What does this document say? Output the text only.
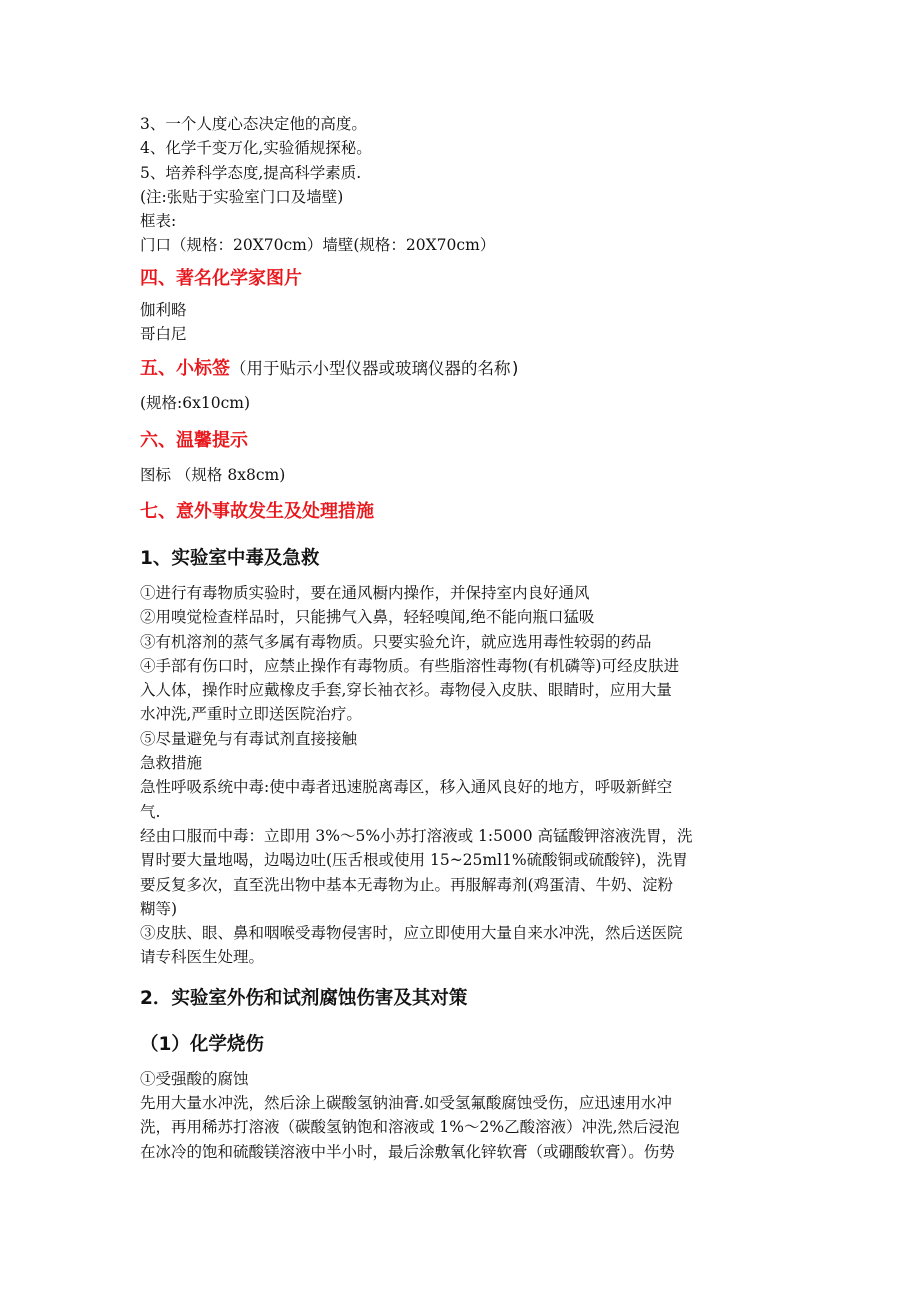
3、一个人度心态决定他的高度。

4、化学千变万化,实验循规探秘。

5、培养科学态度,提高科学素质.

(注:张贴于实验室门口及墙壁)

框表:

门口（规格：20X70cm）墙壁(规格：20X70cm）

四、著名化学家图片

伽利略

哥白尼

五、小标签（用于贴示小型仪器或玻璃仪器的名称)

(规格:6x10cm)

六、温馨提示

图标 （规格 8x8cm)

七、意外事故发生及处理措施
1、实验室中毒及急救

①进行有毒物质实验时，要在通风橱内操作，并保持室内良好通风

②用嗅觉检查样品时，只能拂气入鼻，轻轻嗅闻,绝不能向瓶口猛吸

③有机溶剂的蒸气多属有毒物质。只要实验允许，就应选用毒性较弱的药品

④手部有伤口时，应禁止操作有毒物质。有些脂溶性毒物(有机磷等)可经皮肤进

入人体，操作时应戴橡皮手套,穿长袖衣衫。毒物侵入皮肤、眼睛时，应用大量

水冲洗,严重时立即送医院治疗。

⑤尽量避免与有毒试剂直接接触

急救措施

急性呼吸系统中毒:使中毒者迅速脱离毒区，移入通风良好的地方，呼吸新鲜空

气.

经由口服而中毒：立即用 3%～5%小苏打溶液或 1:5000 高锰酸钾溶液洗胃，洗

胃时要大量地喝，边喝边吐(压舌根或使用 15~25ml1%硫酸铜或硫酸锌)，洗胃

要反复多次，直至洗出物中基本无毒物为止。再服解毒剂(鸡蛋清、牛奶、淀粉

糊等)

③皮肤、眼、鼻和咽喉受毒物侵害时，应立即使用大量自来水冲洗，然后送医院

请专科医生处理。

2．实验室外伤和试剂腐蚀伤害及其对策
（1）化学烧伤

①受强酸的腐蚀

先用大量水冲洗，然后涂上碳酸氢钠油膏.如受氢氟酸腐蚀受伤，应迅速用水冲

洗，再用稀苏打溶液（碳酸氢钠饱和溶液或 1%～2%乙酸溶液）冲洗,然后浸泡

在冰冷的饱和硫酸镁溶液中半小时，最后涂敷氧化锌软膏（或硼酸软膏）。伤势
